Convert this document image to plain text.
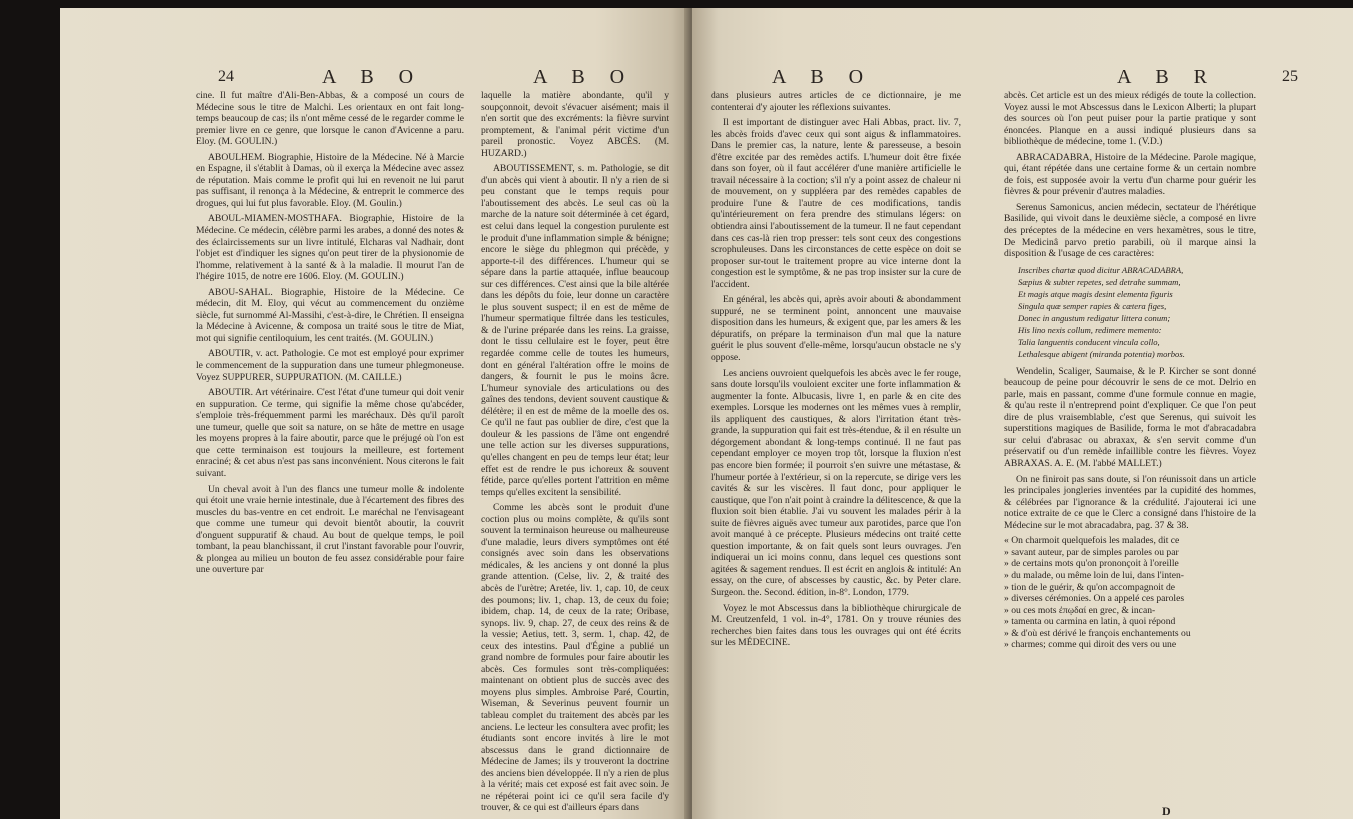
24	A B O	A B O

cine. Il fut maître d'Ali-Ben-Abbas, & a composé un cours de Médecine sous le titre de Malchi. Les orientaux en ont fait long-temps beaucoup de cas; ils n'ont même cessé de le regarder comme le premier livre en ce genre, que lorsque le canon d'Avicenne a paru. Eloy. (M. GOULIN.)

ABOULHEM. Biographie, Histoire de la Médecine. Né à Marcie en Espagne, il s'établit à Damas, où il exerça la Médecine avec assez de réputation. Mais comme le profit qui lui en revenoit ne lui parut pas suffisant, il renonça à la Médecine, & entreprit le commerce des drogues, qui lui fut plus favorable. Eloy. (M. Goulin.)

ABOUL-MIAMEN-MOSTHAFA. Biographie, Histoire de la Médecine. Ce médecin, célèbre parmi les arabes, a donné des notes & des éclaircissements sur un livre intitulé, Elcharas val Nadhair, dont l'objet est d'indiquer les signes qu'on peut tirer de la physionomie de l'homme, relativement à la santé & à la maladie. Il mourut l'an de l'hégire 1015, de notre ere 1606. Eloy. (M. GOULIN.)

ABOU-SAHAL. Biographie, Histoire de la Médecine. Ce médecin, dit M. Eloy, qui vécut au commencement du onzième siècle, fut surnommé Al-Massihi, c'est-à-dire, le Chrétien. Il enseigna la Médecine à Avicenne, & composa un traité sous le titre de Miat, mot qui signifie centiloquium, les cent traités. (M. GOULIN.)

ABOUTIR, v. act. Pathologie. Ce mot est employé pour exprimer le commencement de la suppuration dans une tumeur phlegmoneuse. Voyez SUPPURER, SUPPURATION. (M. CAILLE.)

ABOUTIR. Art vétérinaire. C'est l'état d'une tumeur qui doit venir en suppuration. Ce terme, qui signifie la même chose qu'abcéder, s'emploie très-fréquemment parmi les maréchaux. Dès qu'il paroît une tumeur, quelle que soit sa nature, on se hâte de mettre en usage les moyens propres à la faire aboutir, parce que le préjugé où l'on est que cette terminaison est toujours la meilleure, est fortement enraciné; & cet abus n'est pas sans inconvénient. Nous citerons le fait suivant.

Un cheval avoit à l'un des flancs une tumeur molle & indolente qui étoit une vraie hernie intestinale, due à l'écartement des fibres des muscles du bas-ventre en cet endroit. Le maréchal ne l'envisageant que comme une tumeur qui devoit bientôt aboutir, la couvrit d'onguent suppuratif & chaud. Au bout de quelque temps, le poil tombant, la peau blanchissant, il crut l'instant favorable pour l'ouvrir, & plongea au milieu un bouton de feu assez considérable pour faire une ouverture par

laquelle la matière abondante, qu'il y soupçonnoit, devoit s'évacuer aisément; mais il n'en sortit que des excréments: la fièvre survint promptement, & l'animal périt victime d'un pareil pronostic. Voyez ABCÈS. (M. HUZARD.)

ABOUTISSEMENT, s. m. Pathologie, se dit d'un abcès qui vient à aboutir. Il n'y a rien de si peu constant que le temps requis pour l'aboutissement des abcès. Le seul cas où la marche de la nature soit déterminée à cet égard, est celui dans lequel la congestion purulente est le produit d'une inflammation simple & bénigne; encore le siège du phlegmon qui précède, y apporte-t-il des différences. L'humeur qui se sépare dans la partie attaquée, influe beaucoup sur ces différences. C'est ainsi que la bile altérée dans les dépôts du foie, leur donne un caractère le plus souvent suspect; il en est de même de l'humeur spermatique filtrée dans les testicules, & de l'urine préparée dans les reins. La graisse, dont le tissu cellulaire est le foyer, peut être regardée comme celle de toutes les humeurs, dont en général l'altération offre le moins de dangers, & fournit le pus le moins âcre. L'humeur synoviale des articulations ou des gaînes des tendons, devient souvent caustique & délétère; il en est de même de la moelle des os. Ce qu'il ne faut pas oublier de dire, c'est que la douleur & les passions de l'âme ont engendré une telle action sur les diverses suppurations, qu'elles changent en peu de temps leur état; leur effet est de rendre le pus ichoreux & souvent fétide, parce qu'elles portent l'attrition en même temps qu'elles excitent la sensibilité.

Comme les abcès sont le produit d'une coction plus ou moins complète, & qu'ils sont souvent la terminaison heureuse ou malheureuse d'une maladie, leurs divers symptômes ont été consignés avec soin dans les observations médicales, & les anciens y ont donné la plus grande attention. (Celse, liv. 2, & traité des abcès de l'urètre; Aretée, liv. 1, cap. 10, de ceux des poumons; liv. 1, chap. 13, de ceux du foie; ibidem, chap. 14, de ceux de la rate; Oribase, synops. liv. 9, chap. 27, de ceux des reins & de la vessie; Aetius, tett. 3, serm. 1, chap. 42, de ceux des intestins. Paul d'Égine a publié un grand nombre de formules pour faire aboutir les abcès. Ces formules sont très-compliquées: maintenant on obtient plus de succès avec des moyens plus simples. Ambroise Paré, Courtin, Wiseman, & Severinus peuvent fournir un tableau complet du traitement des abcès par les anciens. Le lecteur les consultera avec profit; les étudiants sont encore invités à lire le mot abscessus dans le grand dictionnaire de Médecine de James; ils y trouveront la doctrine des anciens bien développée. Il n'y a rien de plus à la vérité; mais cet exposé est fait avec soin. Je ne répéterai point ici ce qu'il sera facile d'y trouver, & ce qui est d'ailleurs épars dans

A B O	A B R	25

dans plusieurs autres articles de ce dictionnaire, je me contenterai d'y ajouter les réflexions suivantes.

Il est important de distinguer avec Hali Abbas, pract. liv. 7, les abcès froids d'avec ceux qui sont aigus & inflammatoires. Dans le premier cas, la nature, lente & paresseuse, a besoin d'être excitée par des remèdes actifs. L'humeur doit être fixée dans son foyer, où il faut accélérer d'une manière artificielle le travail nécessaire à la coction; s'il n'y a point assez de chaleur ni de mouvement, on y suppléera par des remèdes capables de produire l'une & l'autre de ces modifications, tandis qu'intérieurement on fera prendre des stimulans légers: on obtiendra ainsi l'aboutissement de la tumeur. Il ne faut cependant dans ces cas-là rien trop presser: tels sont ceux des congestions scrophuleuses. Dans les circonstances de cette espèce on doit se proposer sur-tout le traitement propre au vice interne dont la congestion est le symptôme, & ne pas trop insister sur la cure de l'accident.

En général, les abcès qui, après avoir abouti & abondamment suppuré, ne se terminent point, annoncent une mauvaise disposition dans les humeurs, & exigent que, par les amers & les dépuratifs, on prépare la terminaison d'un mal que la nature guérit le plus souvent d'elle-même, lorsqu'aucun obstacle ne s'y oppose.

Les anciens ouvroient quelquefois les abcès avec le fer rouge, sans doute lorsqu'ils vouloient exciter une forte inflammation & augmenter la fonte. Albucasis, livre 1, en parle & en cite des exemples. Lorsque les modernes ont les mêmes vues à remplir, ils appliquent des caustiques, & alors l'irritation étant très-grande, la suppuration qui fait est très-étendue, & il en résulte un dégorgement abondant & long-temps continué. Il ne faut pas cependant employer ce moyen trop tôt, lorsque la fluxion n'est pas encore bien formée; il pourroit s'en suivre une métastase, & l'humeur portée à l'extérieur, si on la repercute, se dirige vers les cavités & sur les viscères. Il faut donc, pour appliquer le caustique, que l'on n'ait point à craindre la délitescence, & que la fluxion soit bien établie. J'ai vu souvent les malades périr à la suite de fièvres aiguës avec tumeur aux parotides, parce que l'on avoit manqué à ce précepte. Plusieurs médecins ont traité cette question importante, & on fait quels sont leurs ouvrages. J'en indiquerai un ici moins connu, dans lequel ces questions sont agitées & sagement rendues. Il est écrit en anglois & intitulé: An essay, on the cure, of abscesses by caustic, &c. by Peter clare. Surgeon. the. Second. édition, in-8°. London, 1779.

Voyez le mot Abscessus dans la bibliothèque chirurgicale de M. Creutzenfeld, 1 vol. in-4°, 1781. On y trouve réunies des recherches bien faites dans tous les ouvrages qui ont été écrits sur les MÉDECINE.

abcès. Cet article est un des mieux rédigés de toute la collection. Voyez aussi le mot Abscessus dans le Lexicon Alberti; la plupart des sources où l'on peut puiser pour la partie pratique y sont énoncées. Planque en a aussi indiqué plusieurs dans sa bibliothèque de médecine, tome 1. (V.D.)

ABRACADABRA, Histoire de la Médecine. Parole magique, qui, étant répétée dans une certaine forme & un certain nombre de fois, est supposée avoir la vertu d'un charme pour guérir les fièvres & pour prévenir d'autres maladies.

Serenus Samonicus, ancien médecin, sectateur de l'hérétique Basilide, qui vivoit dans le deuxième siècle, a composé en livre des préceptes de la médecine en vers hexamètres, sous le titre, De Medicinâ parvo pretio parabili, où il marque ainsi la disposition & l'usage de ces caractères:

Inscribes chartæ quod dicitur ABRACADABRA,
Sæpius & subter repetes, sed detrahe summam,
Et magis atque magis desint elementa figuris
Singula quæ semper rapies & cætera figes,
Donec in angustum redigatur littera conum;
His lino nexis collum, redimere memento:
Talia languentis conducent vincula collo,
Lethalesque abigent (miranda potentia) morbos.

Wendelin, Scaliger, Saumaise, & le P. Kircher se sont donné beaucoup de peine pour découvrir le sens de ce mot. Delrio en parle, mais en passant, comme d'une formule connue en magie, & qu'au reste il n'entreprend point d'expliquer. Ce que l'on peut dire de plus vraisemblable, c'est que Serenus, qui suivoit les superstitions magiques de Basilide, forma le mot d'abracadabra sur celui d'abrasac ou abraxax, & s'en servit comme d'un préservatif ou d'un remède infaillible contre les fièvres. Voyez ABRAXAS. A. E. (M. l'abbé MALLET.)

On ne finiroit pas sans doute, si l'on réunissoit dans un article les principales jongleries inventées par la cupidité des hommes, & célébrées par l'ignorance & la crédulité. J'ajouterai ici une notice extraite de ce que le Clerc a consigné dans l'histoire de la Médecine sur le mot abracadabra, pag. 37 & 38.

« On charmoit quelquefois les malades, dit ce
» savant auteur, par de simples paroles ou par
» de certains mots qu'on prononçoit à l'oreille
» du malade, ou même loin de lui, dans l'inten-
» tion de le guérir, & qu'on accompagnoit de
» diverses cérémonies. On a appelé ces paroles
» ou ces mots ἐπῳδαί en grec, & incan-
» tamenta ou carmina en latin, à quoi répond
» & d'où est dérivé le françois enchantements ou
» charmes; comme qui diroit des vers ou une
D
